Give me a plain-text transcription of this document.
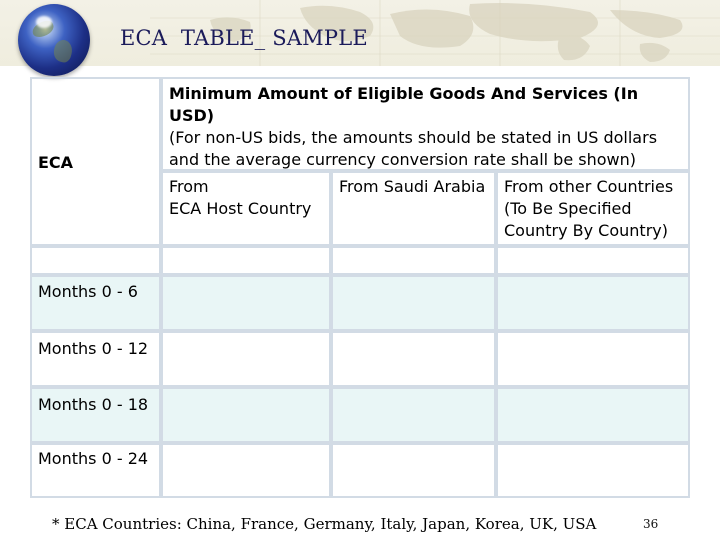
ECA  TABLE_ SAMPLE
ECA
Minimum Amount of Eligible Goods And Services (In
USD)
(For non-US bids, the amounts should be stated in US dollars
and the average currency conversion rate shall be shown)
From
ECA Host Country
From Saudi Arabia From other Countries
(To Be Specified
Country By Country)
Months 0 - 6
Months 0 - 12
Months 0 - 18
Months 0 - 24
* ECA Countries: China, France, Germany, Italy, Japan, Korea, UK, USA	36
